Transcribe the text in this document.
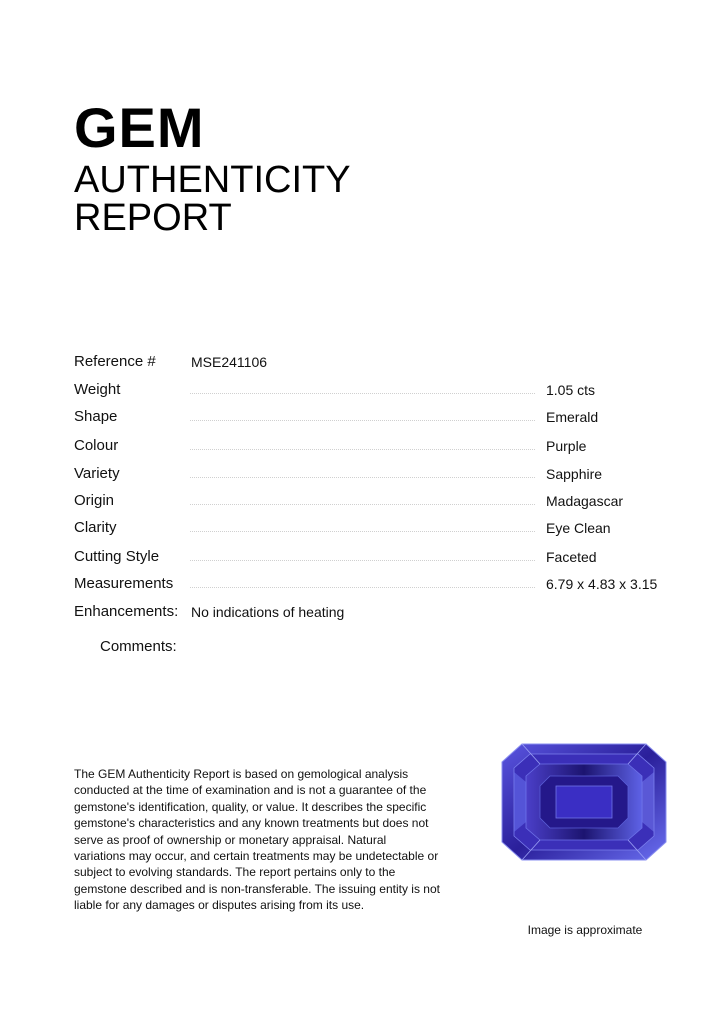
GEM
AUTHENTICITY
REPORT
Reference #	MSE241106
Weight	1.05 cts
Shape	Emerald
Colour	Purple
Variety	Sapphire
Origin	Madagascar
Clarity	Eye Clean
Cutting Style	Faceted
Measurements	6.79 x 4.83 x 3.15
Enhancements: No indications of heating
Comments:
The GEM Authenticity Report is based on gemological analysis conducted at the time of examination and is not a guarantee of the gemstone's identification, quality, or value. It describes the specific gemstone's characteristics and any known treatments but does not serve as proof of ownership or monetary appraisal. Natural variations may occur, and certain treatments may be undetectable or subject to evolving standards. The report pertains only to the gemstone described and is non-transferable. The issuing entity is not liable for any damages or disputes arising from its use.
Image is approximate
